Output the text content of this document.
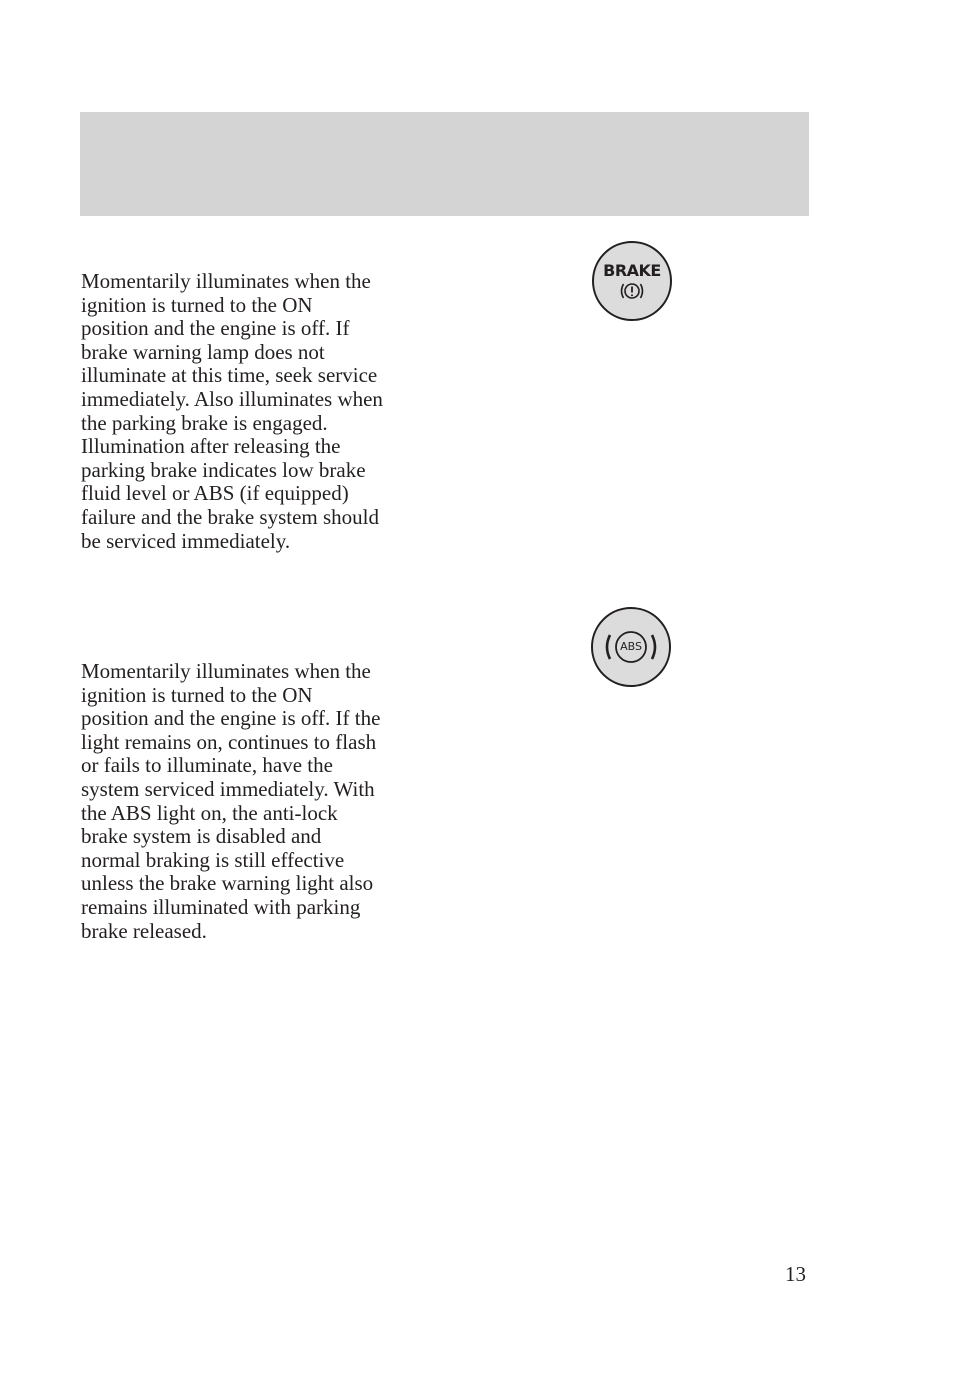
BRAKE

Momentarily illuminates when the
ignition is turned to the ON
position and the engine is off. If
brake warning lamp does not
illuminate at this time, seek service
immediately. Also illuminates when
the parking brake is engaged.
Illumination after releasing the
parking brake indicates low brake
fluid level or ABS (if equipped)
failure and the brake system should
be serviced immediately.

ABS

Momentarily illuminates when the
ignition is turned to the ON
position and the engine is off. If the
light remains on, continues to flash
or fails to illuminate, have the
system serviced immediately. With
the ABS light on, the anti-lock
brake system is disabled and
normal braking is still effective
unless the brake warning light also
remains illuminated with parking
brake released.

13
